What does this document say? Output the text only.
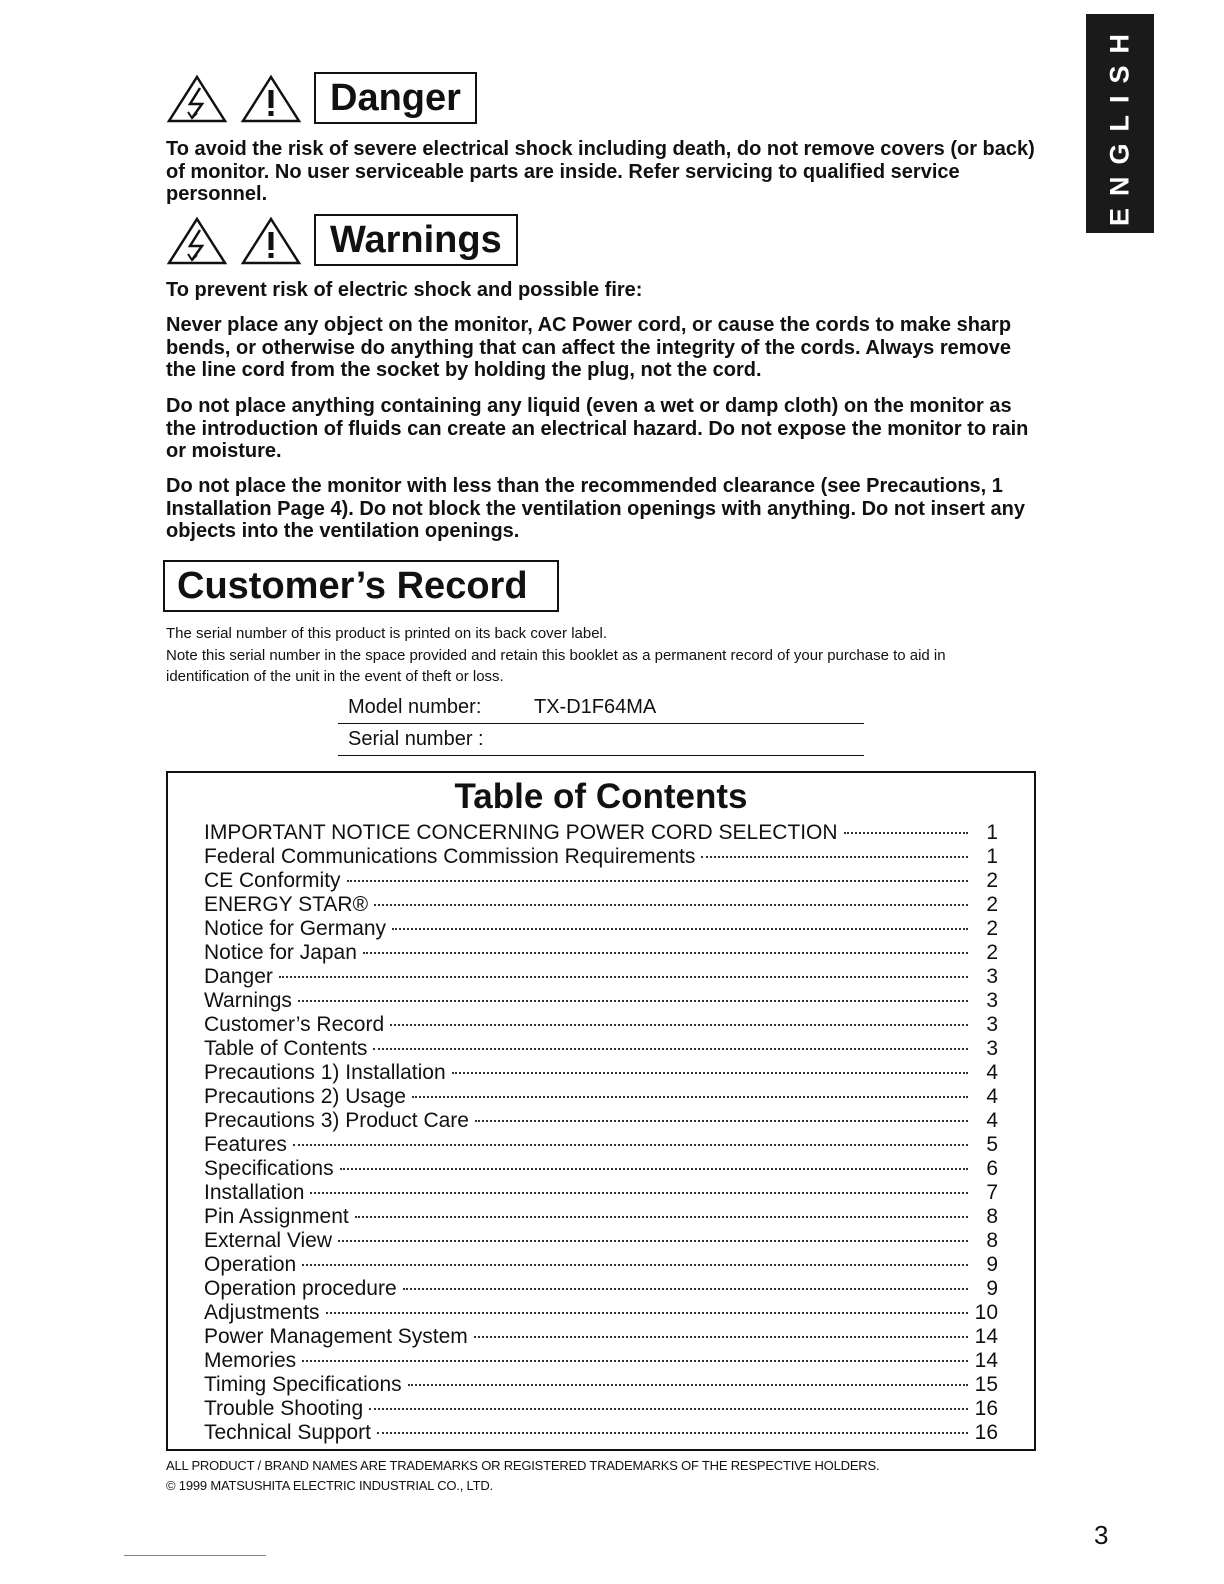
ENGLISH
Danger

To avoid the risk of severe electrical shock including death, do not remove covers (or back) of monitor. No user serviceable parts are inside. Refer servicing to qualified service personnel.

Warnings

To prevent risk of electric shock and possible fire:

Never place any object on the monitor, AC Power cord, or cause the cords to make sharp bends, or otherwise do anything that can affect the integrity of the cords. Always remove the line cord from the socket by holding the plug, not the cord.

Do not place anything containing any liquid (even a wet or damp cloth) on the monitor as the introduction of fluids can create an electrical hazard. Do not expose the monitor to rain or moisture.

Do not place the monitor with less than the recommended clearance (see Precautions, 1 Installation Page 4). Do not block the ventilation openings with anything. Do not insert any objects into the ventilation openings.

Customer’s Record

The serial number of this product is printed on its back cover label.

Note this serial number in the space provided and retain this booklet as a permanent record of your purchase to aid in identification of the unit in the event of theft or loss.

Model number:	TX-D1F64MA
Serial number :
Table of Contents
IMPORTANT NOTICE CONCERNING POWER CORD SELECTION	1
Federal Communications Commission Requirements	1
CE Conformity	2
ENERGY STAR®	2
Notice for Germany	2
Notice for Japan	2
Danger	3
Warnings	3
Customer’s Record	3
Table of Contents	3
Precautions 1) Installation	4
Precautions 2) Usage	4
Precautions 3) Product Care	4
Features	5
Specifications	6
Installation	7
Pin Assignment	8
External View	8
Operation	9
Operation procedure	9
Adjustments	10
Power Management System	14
Memories	14
Timing Specifications	15
Trouble Shooting	16
Technical Support	16
ALL PRODUCT / BRAND NAMES ARE TRADEMARKS OR REGISTERED TRADEMARKS OF THE RESPECTIVE HOLDERS.
© 1999 MATSUSHITA ELECTRIC INDUSTRIAL CO., LTD.
3
